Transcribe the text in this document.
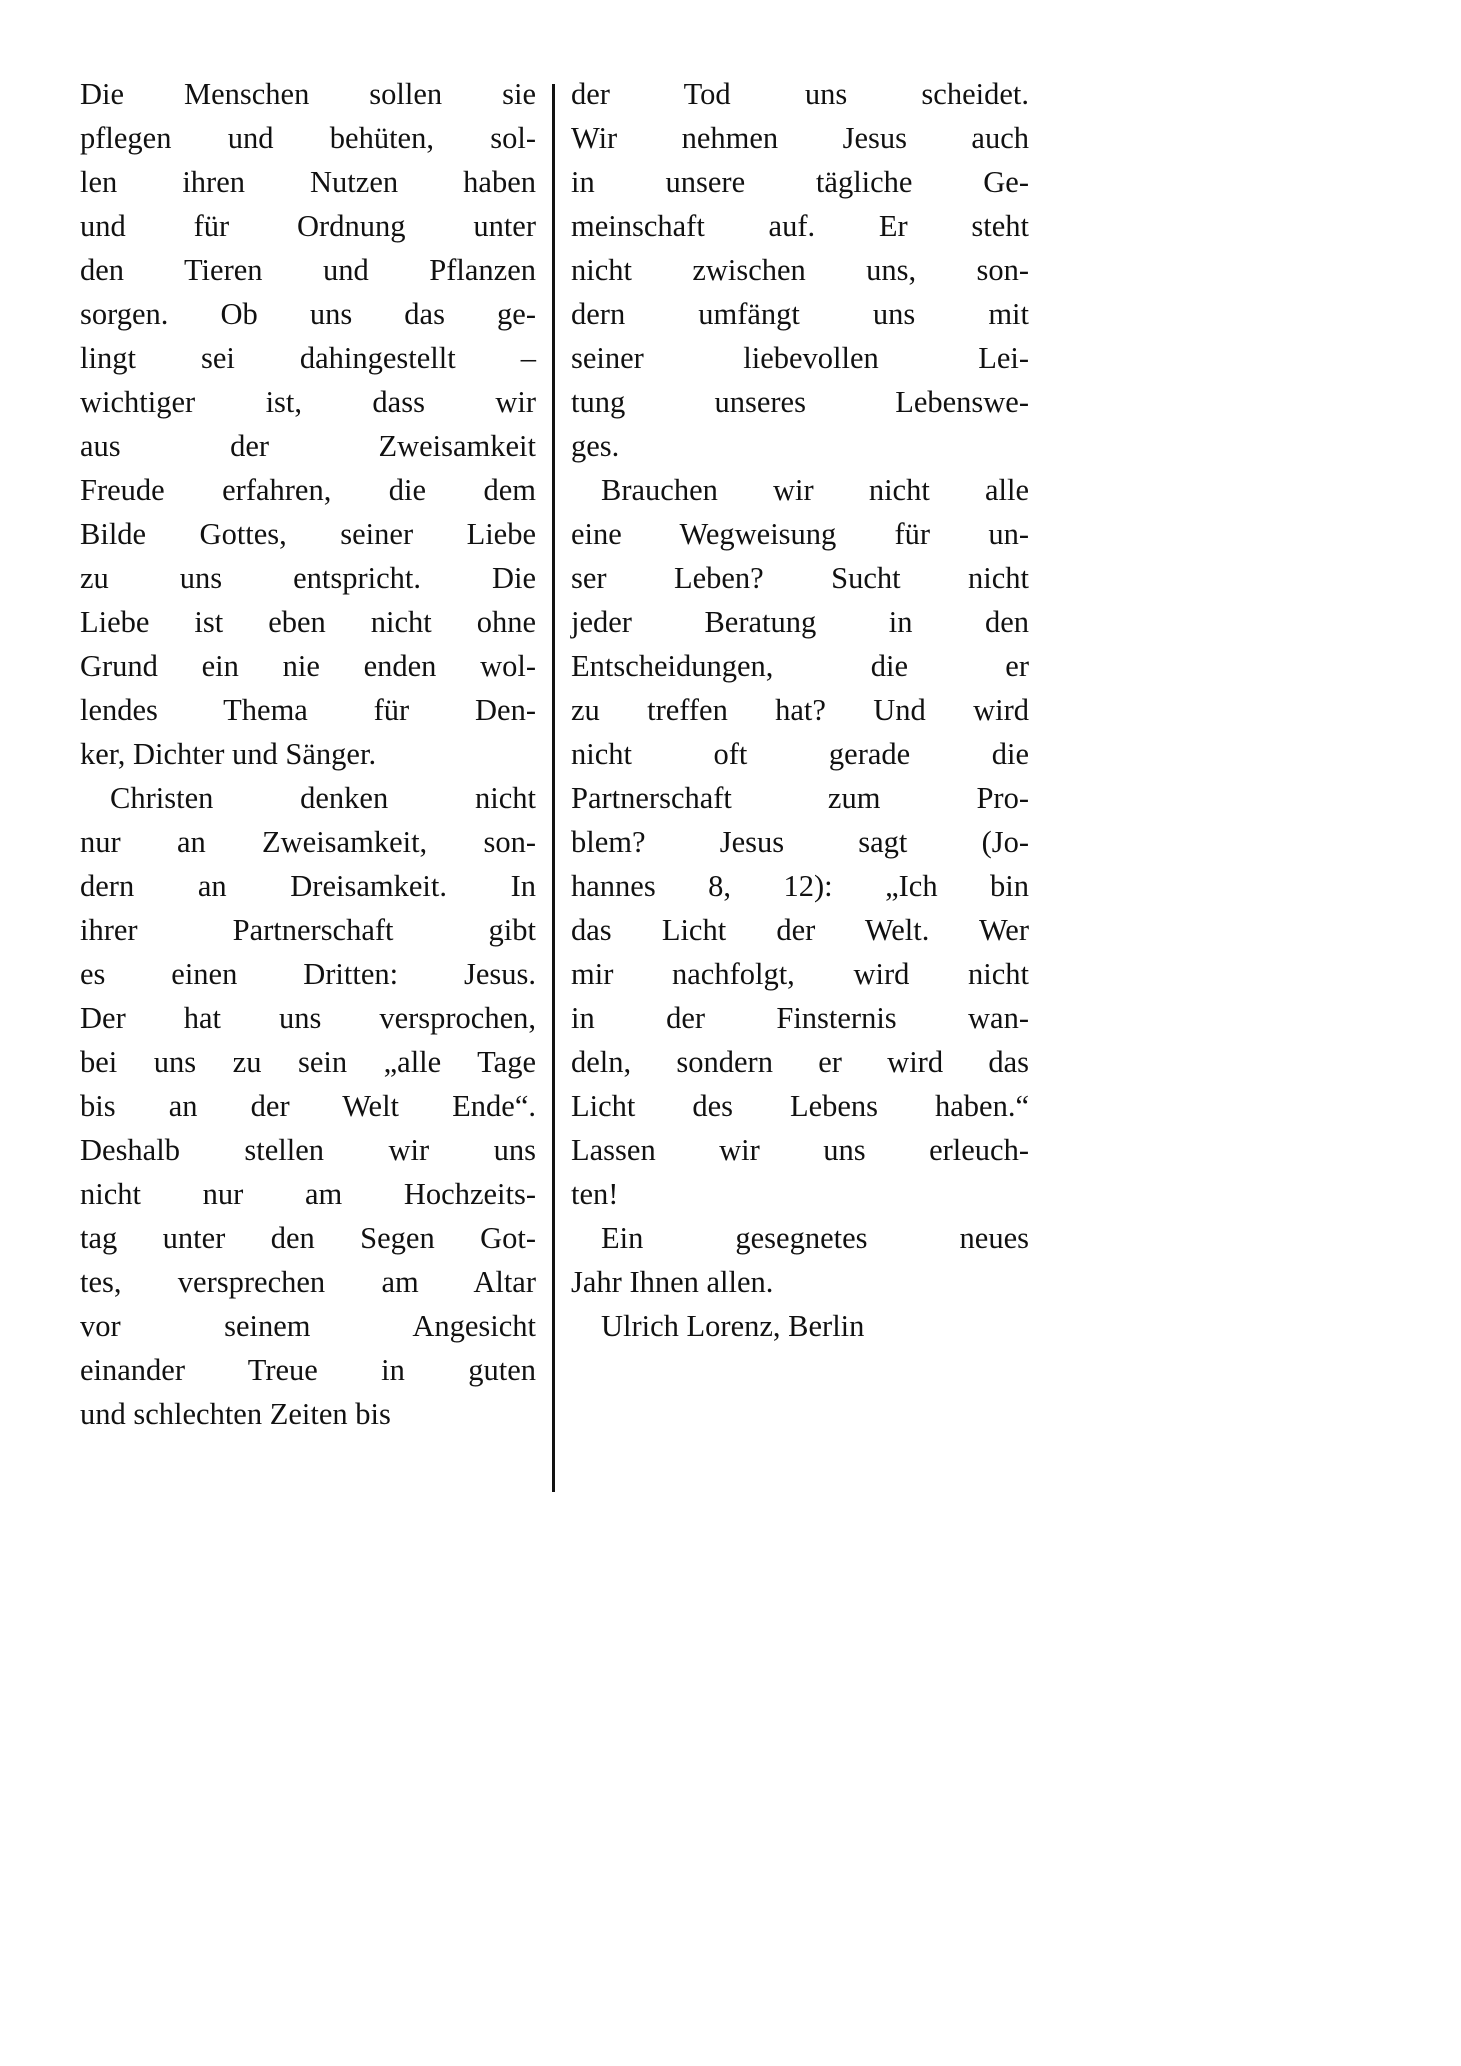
Die Menschen sollen sie
pflegen und behüten, sol-
len ihren Nutzen haben
und für Ordnung unter
den Tieren und Pflanzen
sorgen. Ob uns das ge-
lingt sei dahingestellt –
wichtiger ist, dass wir
aus der Zweisamkeit
Freude erfahren, die dem
Bilde Gottes, seiner Liebe
zu uns entspricht. Die
Liebe ist eben nicht ohne
Grund ein nie enden wol-
lendes Thema für Den-
ker, Dichter und Sänger.
Christen denken nicht
nur an Zweisamkeit, son-
dern an Dreisamkeit. In
ihrer Partnerschaft gibt
es einen Dritten: Jesus.
Der hat uns versprochen,
bei uns zu sein „alle Tage
bis an der Welt Ende“.
Deshalb stellen wir uns
nicht nur am Hochzeits-
tag unter den Segen Got-
tes, versprechen am Altar
vor seinem Angesicht
einander Treue in guten
und schlechten Zeiten bis
der Tod uns scheidet.
Wir nehmen Jesus auch
in unsere tägliche Ge-
meinschaft auf. Er steht
nicht zwischen uns, son-
dern umfängt uns mit
seiner liebevollen Lei-
tung unseres Lebenswe-
ges.
Brauchen wir nicht alle
eine Wegweisung für un-
ser Leben? Sucht nicht
jeder Beratung in den
Entscheidungen, die er
zu treffen hat? Und wird
nicht oft gerade die
Partnerschaft zum Pro-
blem? Jesus sagt (Jo-
hannes 8, 12): „Ich bin
das Licht der Welt. Wer
mir nachfolgt, wird nicht
in der Finsternis wan-
deln, sondern er wird das
Licht des Lebens haben.“
Lassen wir uns erleuch-
ten!
Ein gesegnetes neues
Jahr Ihnen allen.
Ulrich Lorenz, Berlin
